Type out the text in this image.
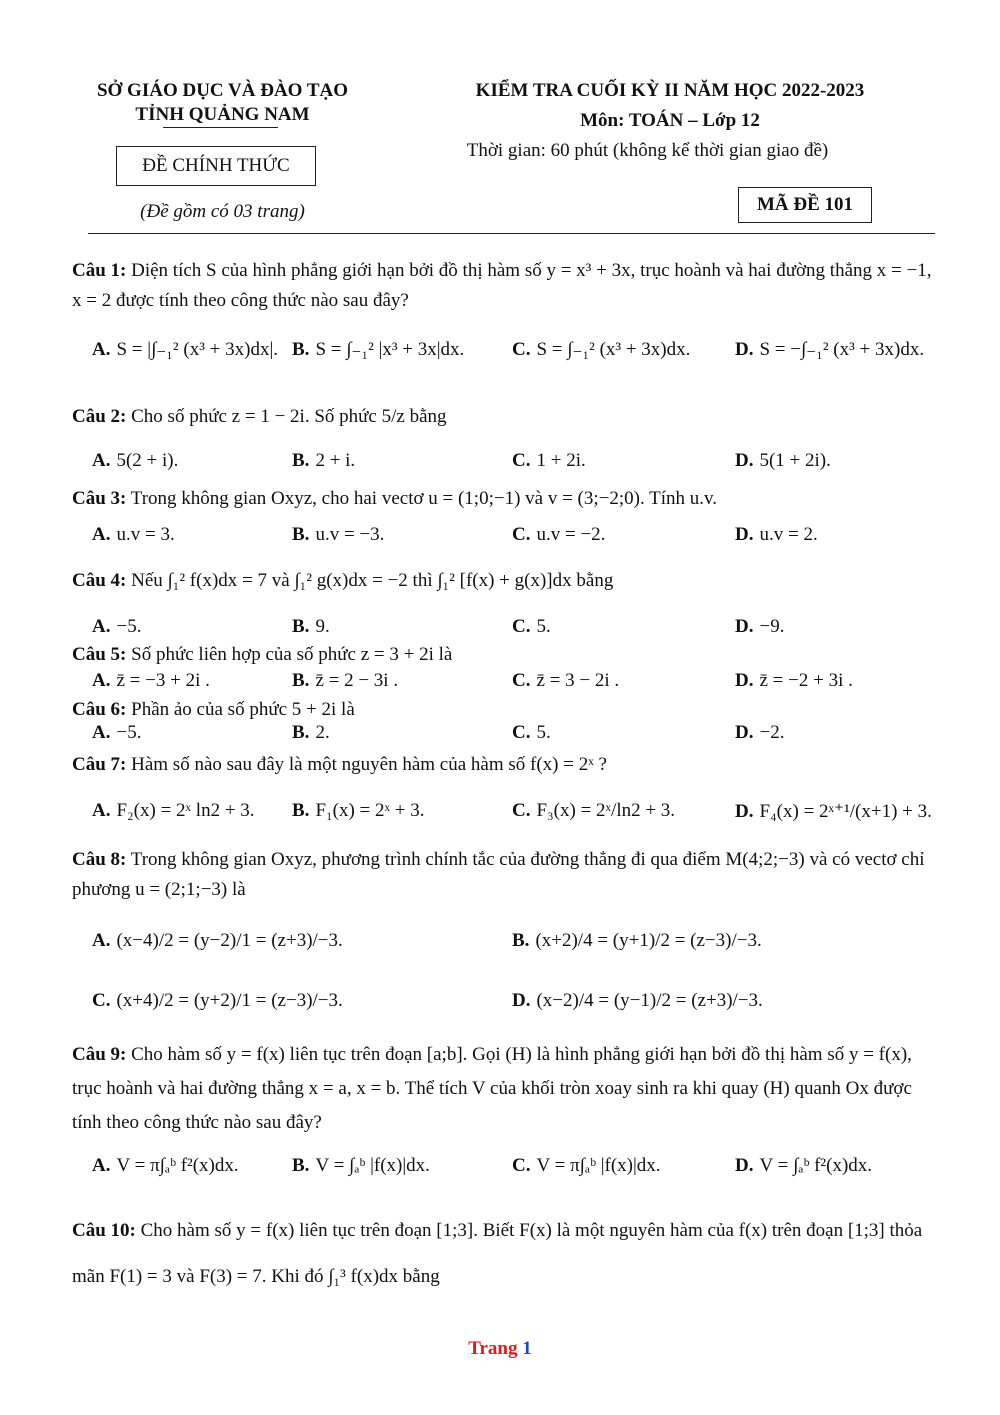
SỞ GIÁO DỤC VÀ ĐÀO TẠO
TỈNH QUẢNG NAM
ĐỀ CHÍNH THỨC
(Đề gồm có 03 trang)
KIỂM TRA CUỐI KỲ II NĂM HỌC 2022-2023
Môn: TOÁN – Lớp 12
Thời gian: 60 phút (không kể thời gian giao đề)
MÃ ĐỀ 101
Câu 1: Diện tích S của hình phẳng giới hạn bởi đồ thị hàm số y = x³ + 3x, trục hoành và hai đường thẳng x = −1, x = 2 được tính theo công thức nào sau đây?
A. S = |∫₋₁² (x³ + 3x)dx|. B. S = ∫₋₁² |x³ + 3x|dx.	C. S = ∫₋₁² (x³ + 3x)dx. D. S = −∫₋₁² (x³ + 3x)dx.
Câu 2: Cho số phức z = 1 − 2i. Số phức 5/z bằng
A. 5(2 + i).	B. 2 + i.	C. 1 + 2i.	D. 5(1 + 2i).
Câu 3: Trong không gian Oxyz, cho hai vectơ u = (1;0;−1) và v = (3;−2;0). Tính u.v.
A. u.v = 3.	B. u.v = −3.	C. u.v = −2.	D. u.v = 2.
Câu 4: Nếu ∫₁² f(x)dx = 7 và ∫₁² g(x)dx = −2 thì ∫₁² [f(x) + g(x)]dx bằng
A. −5.	B. 9.	C. 5.	D. −9.
Câu 5: Số phức liên hợp của số phức z = 3 + 2i là
A. z̄ = −3 + 2i .	B. z̄ = 2 − 3i .	C. z̄ = 3 − 2i .	D. z̄ = −2 + 3i .
Câu 6: Phần ảo của số phức 5 + 2i là
A. −5.	B. 2.	C. 5.	D. −2.
Câu 7: Hàm số nào sau đây là một nguyên hàm của hàm số f(x) = 2ˣ ?
A. F₂(x) = 2ˣ ln2 + 3. B. F₁(x) = 2ˣ + 3.	C. F₃(x) = 2ˣ/ln2 + 3.	D. F₄(x) = 2ˣ⁺¹/(x+1) + 3.
Câu 8: Trong không gian Oxyz, phương trình chính tắc của đường thẳng đi qua điểm M(4;2;−3) và có vectơ chỉ phương u = (2;1;−3) là
A. (x−4)/2 = (y−2)/1 = (z+3)/−3.	B. (x+2)/4 = (y+1)/2 = (z−3)/−3.
C. (x+4)/2 = (y+2)/1 = (z−3)/−3.	D. (x−2)/4 = (y−1)/2 = (z+3)/−3.
Câu 9: Cho hàm số y = f(x) liên tục trên đoạn [a;b]. Gọi (H) là hình phẳng giới hạn bởi đồ thị hàm số y = f(x), trục hoành và hai đường thẳng x = a, x = b. Thể tích V của khối tròn xoay sinh ra khi quay (H) quanh Ox được tính theo công thức nào sau đây?
A. V = π∫ₐᵇ f²(x)dx.	B. V = ∫ₐᵇ |f(x)|dx.	C. V = π∫ₐᵇ |f(x)|dx.	D. V = ∫ₐᵇ f²(x)dx.
Câu 10: Cho hàm số y = f(x) liên tục trên đoạn [1;3]. Biết F(x) là một nguyên hàm của f(x) trên đoạn [1;3] thỏa mãn F(1) = 3 và F(3) = 7. Khi đó ∫₁³ f(x)dx bằng
Trang 1
